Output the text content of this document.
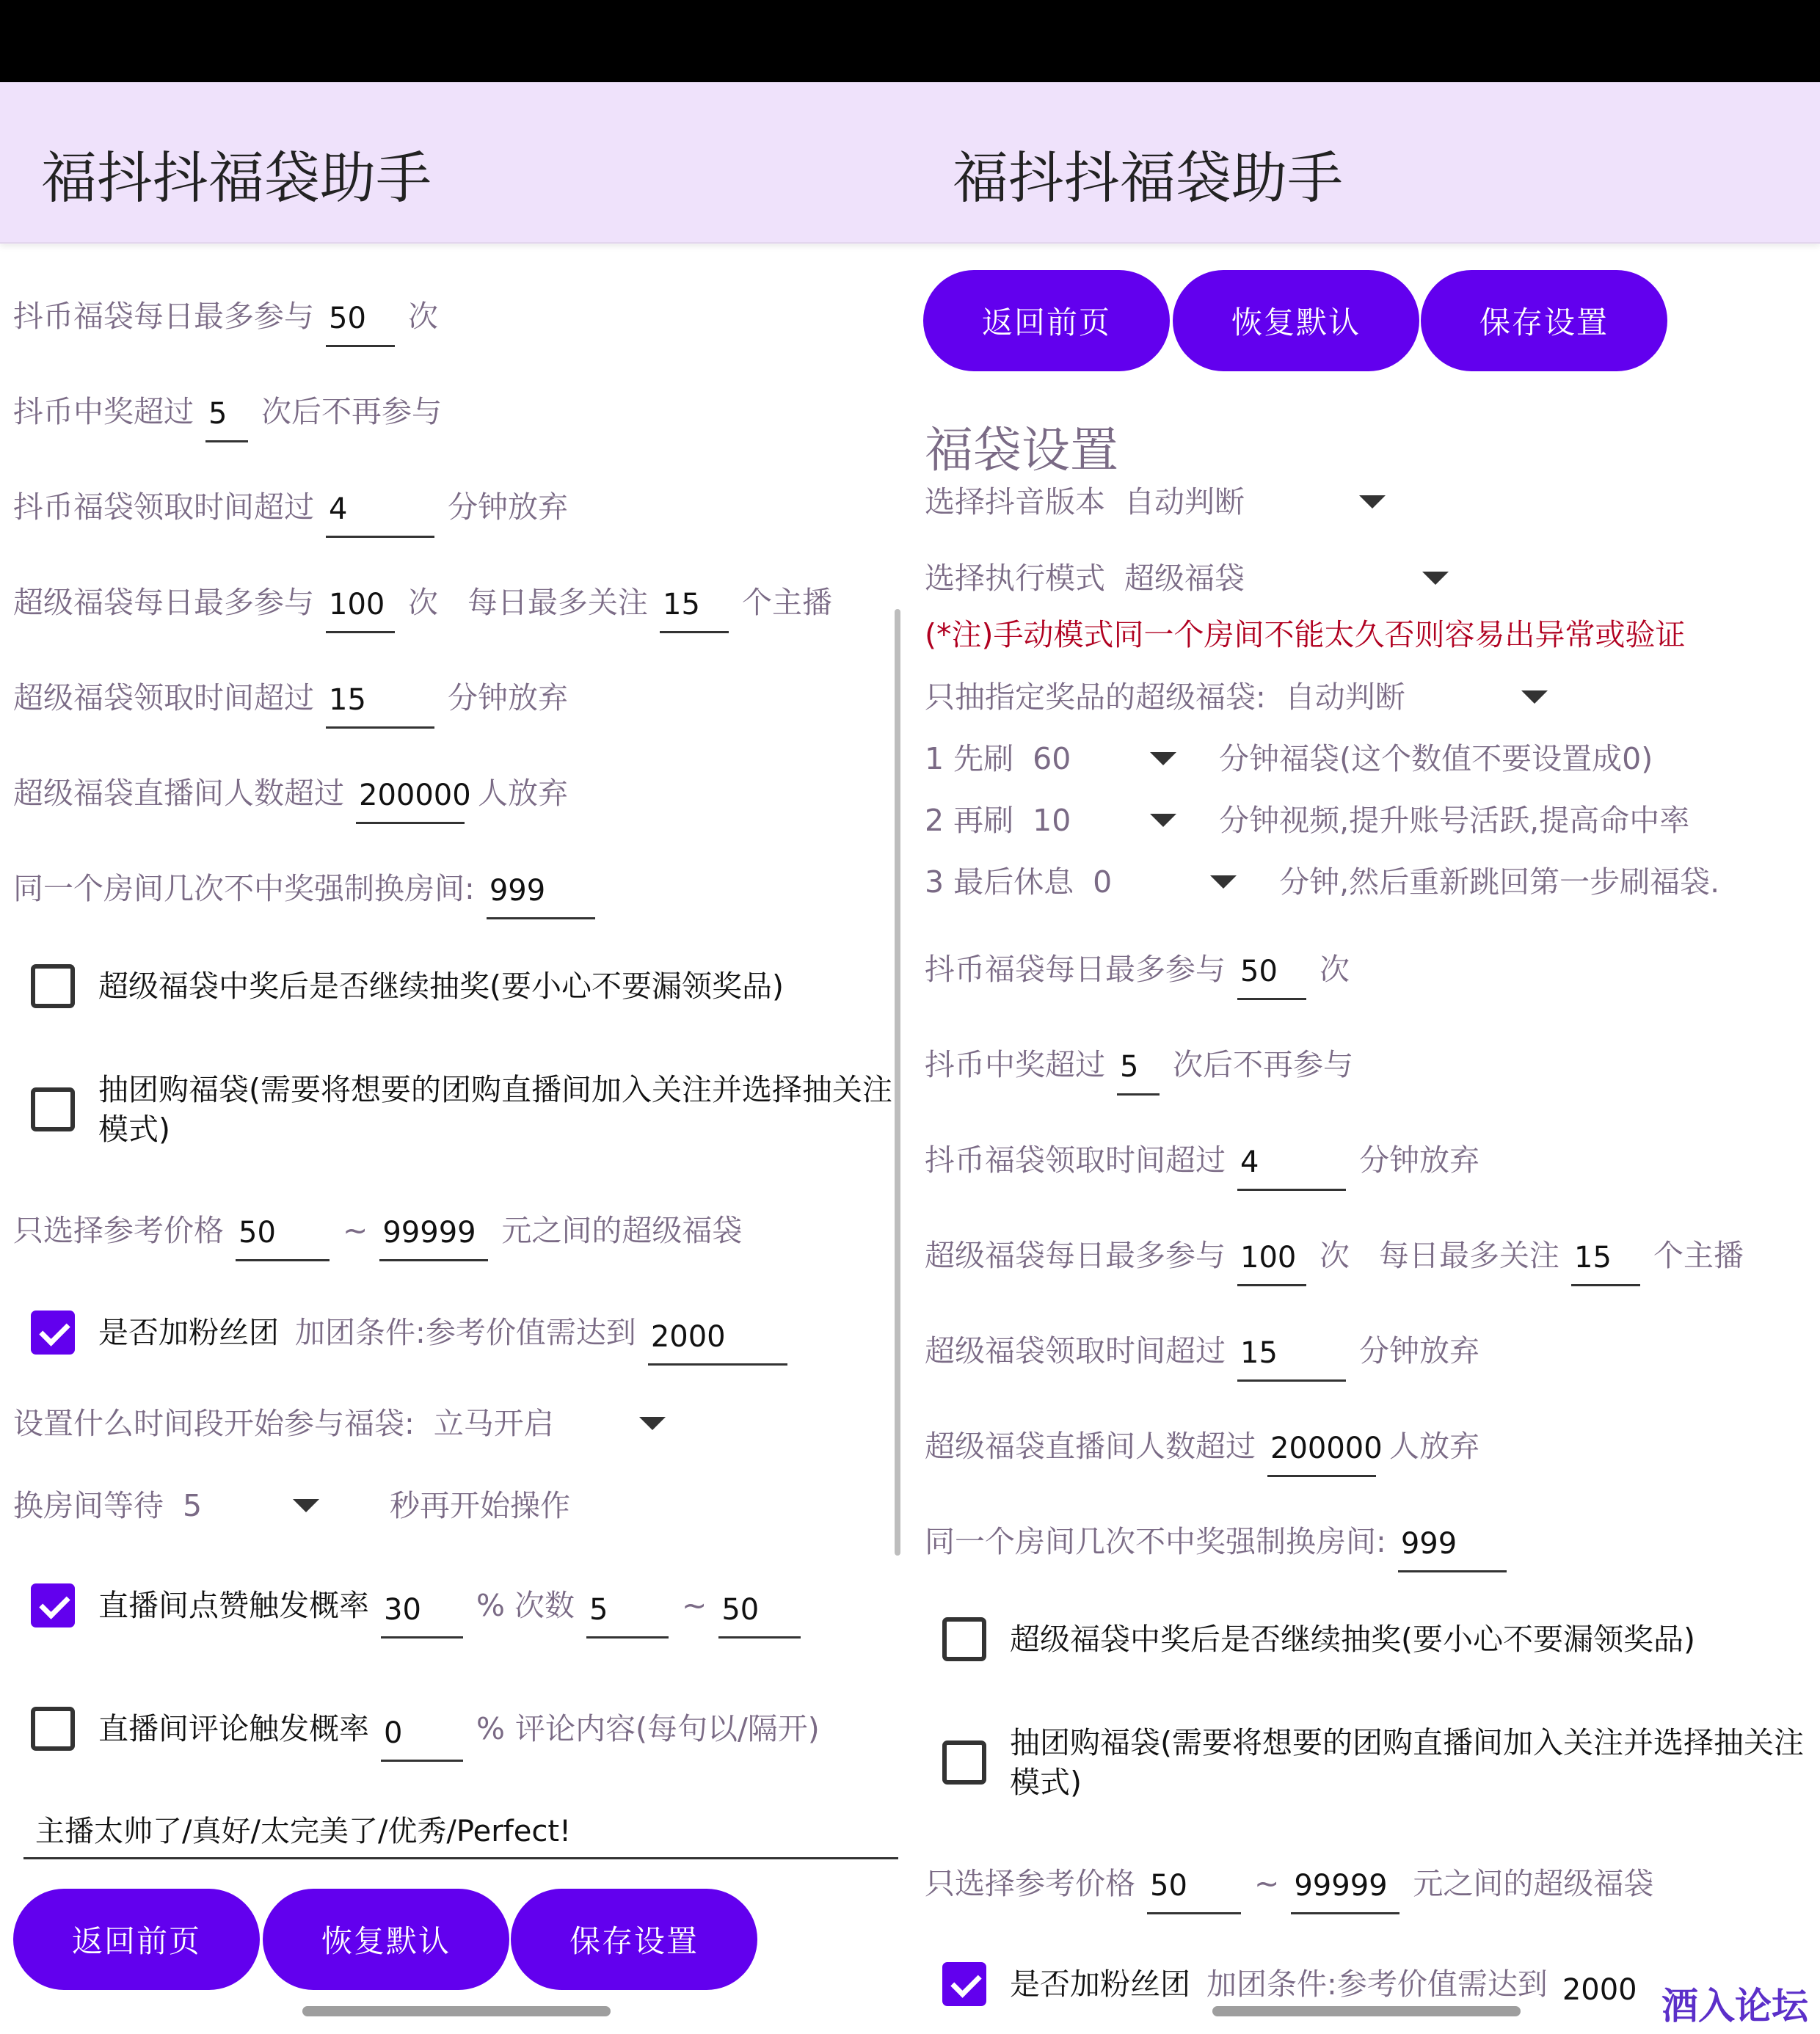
福抖抖福袋助手	福抖抖福袋助手
抖币福袋每日最多参与 50	次
抖币中奖超过 5	次后不再参与
抖币福袋领取时间超过 4	分钟放弃
超级福袋每日最多参与 100 次 每日最多关注 15	个主播
超级福袋领取时间超过 15	分钟放弃
超级福袋直播间人数超过 200000 人放弃
同一个房间几次不中奖强制换房间: 999
超级福袋中奖后是否继续抽奖(要小心不要漏领奖品)
抽团购福袋(需要将想要的团购直播间加入关注并选择抽关注模式)
只选择参考价格 50	~ 99999 元之间的超级福袋
是否加粉丝团 加团条件:参考价值需达到 2000
设置什么时间段开始参与福袋: 立马开启
换房间等待 5	秒再开始操作
直播间点赞触发概率 30	% 次数 5	~ 50
直播间评论触发概率 0	% 评论内容(每句以/隔开)
主播太帅了/真好/太完美了/优秀/Perfect!
返回前页	恢复默认	保存设置
返回前页	恢复默认	保存设置
福袋设置
选择抖音版本 自动判断
选择执行模式 超级福袋
(*注)手动模式同一个房间不能太久否则容易出异常或验证
只抽指定奖品的超级福袋: 自动判断
1 先刷 60	分钟福袋(这个数值不要设置成0)
2 再刷 10	分钟视频,提升账号活跃,提高命中率
3 最后休息 0	分钟,然后重新跳回第一步刷福袋.
抖币福袋每日最多参与 50	次
抖币中奖超过 5	次后不再参与
抖币福袋领取时间超过 4	分钟放弃
超级福袋每日最多参与 100 次 每日最多关注 15	个主播
超级福袋领取时间超过 15	分钟放弃
超级福袋直播间人数超过 200000 人放弃
同一个房间几次不中奖强制换房间: 999
超级福袋中奖后是否继续抽奖(要小心不要漏领奖品)
抽团购福袋(需要将想要的团购直播间加入关注并选择抽关注模式)
只选择参考价格 50	~ 99999 元之间的超级福袋
是否加粉丝团 加团条件:参考价值需达到 2000 酒入论坛
